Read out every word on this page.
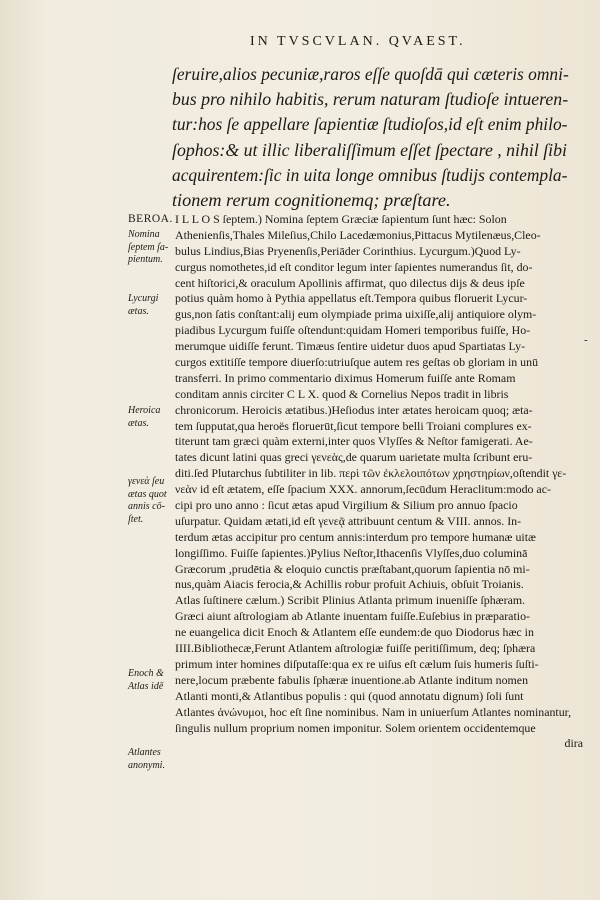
IN TVSCVLAN. QVAEST.
ſeruire,alios pecuniæ,raros eſſe quoſdā qui cæteris omni-
bus pro nihilo habitis, rerum naturam ſtudioſe intueren-
tur:hos ſe appellare ſapientiæ ſtudioſos,id eſt enim philo-
ſophos:& ut illic liberaliſſimum eſſet ſpectare , nihil ſibi
acquirentem:ſic in uita longe omnibus ſtudijs contempla-
tionem rerum cognitionemq; præſtare.
BEROA.
Nomina
ſeptem ſa-
pientum.
Lycurgi
ætas.
Heroica
ætas.
γενεὰ ſeu
ætas quot
annis cō-
ſtet.
Enoch &
Atlas idē
Atlantes
anonymi.
-
I L L O S ſeptem.) Nomina ſeptem Græciæ ſapientum ſunt hæc: Solon
Athenienſis,Thales Mileſius,Chilo Lacedæmonius,Pittacus Mytilenæus,Cleo-
bulus Lindius,Bias Pryenenſis,Periāder Corinthius. Lycurgum.)Quod Ly-
curgus nomothetes,id eſt conditor legum inter ſapientes numerandus ſit, do-
cent hiſtorici,& oraculum Apollinis affirmat, quo dilectus dijs & deus ipſe
potius quàm homo à Pythia appellatus eſt.Tempora quibus floruerit Lycur-
gus,non ſatis conſtant:alij eum olympiade prima uixiſſe,alij antiquiore olym-
piadibus Lycurgum fuiſſe oſtendunt:quidam Homeri temporibus fuiſſe, Ho-
merumque uidiſſe ferunt. Timæus ſentire uidetur duos apud Spartiatas Ly-
curgos extitiſſe tempore diuerſo:utriuſque autem res geſtas ob gloriam in unū
transferri. In primo commentario diximus Homerum fuiſſe ante Romam
conditam annis circiter C L X. quod & Cornelius Nepos tradit in libris
chronicorum. Heroicis ætatibus.)Heſiodus inter ætates heroicam quoq; æta-
tem ſupputat,qua heroës floruerūt,ſicut tempore belli Troiani complures ex-
titerunt tam græci quàm externi,inter quos Vlyſſes & Neſtor famigerati. Ae-
tates dicunt latini quas greci γενεὰς,de quarum uarietate multa ſcribunt eru-
diti.ſed Plutarchus ſubtiliter in lib. περὶ τῶν ἐκλελοιπότων χρηστηρίων,oſtendit γε-
νεὰν id eſt ætatem, eſſe ſpacium XXX. annorum,ſecūdum Heraclitum:modo ac-
cipi pro uno anno : ſicut ætas apud Virgilium & Silium pro annuo ſpacio
uſurpatur. Quidam ætati,id eſt γενεᾷ attribuunt centum & VIII. annos. In-
terdum ætas accipitur pro centum annis:interdum pro tempore humanæ uitæ
longiſſimo. Fuiſſe ſapientes.)Pylius Neſtor,Ithacenſis Vlyſſes,duo columinā
Græcorum ,prudētia & eloquio cunctis præſtabant,quorum ſapientia nō mi-
nus,quàm Aiacis ferocia,& Achillis robur profuit Achiuis, obſuit Troianis.
Atlas ſuſtinere cælum.) Scribit Plinius Atlanta primum inueniſſe ſphæram.
Græci aiunt aſtrologiam ab Atlante inuentam fuiſſe.Euſebius in præparatio-
ne euangelica dicit Enoch & Atlantem eſſe eundem:de quo Diodorus hæc in
IIII.Bibliothecæ,Ferunt Atlantem aſtrologiæ fuiſſe peritiſſimum, deq; ſphæra
primum inter homines diſputaſſe:qua ex re uiſus eſt cælum ſuis humeris ſuſti-
nere,locum præbente fabulis ſphæræ inuentione.ab Atlante inditum nomen
Atlanti monti,& Atlantibus populis : qui (quod annotatu dignum) ſoli ſunt
Atlantes ἀνώνυμοι, hoc eſt ſine nominibus. Nam in uniuerſum Atlantes nominantur,
ſingulis nullum proprium nomen imponitur. Solem orientem occidentemque
dira
